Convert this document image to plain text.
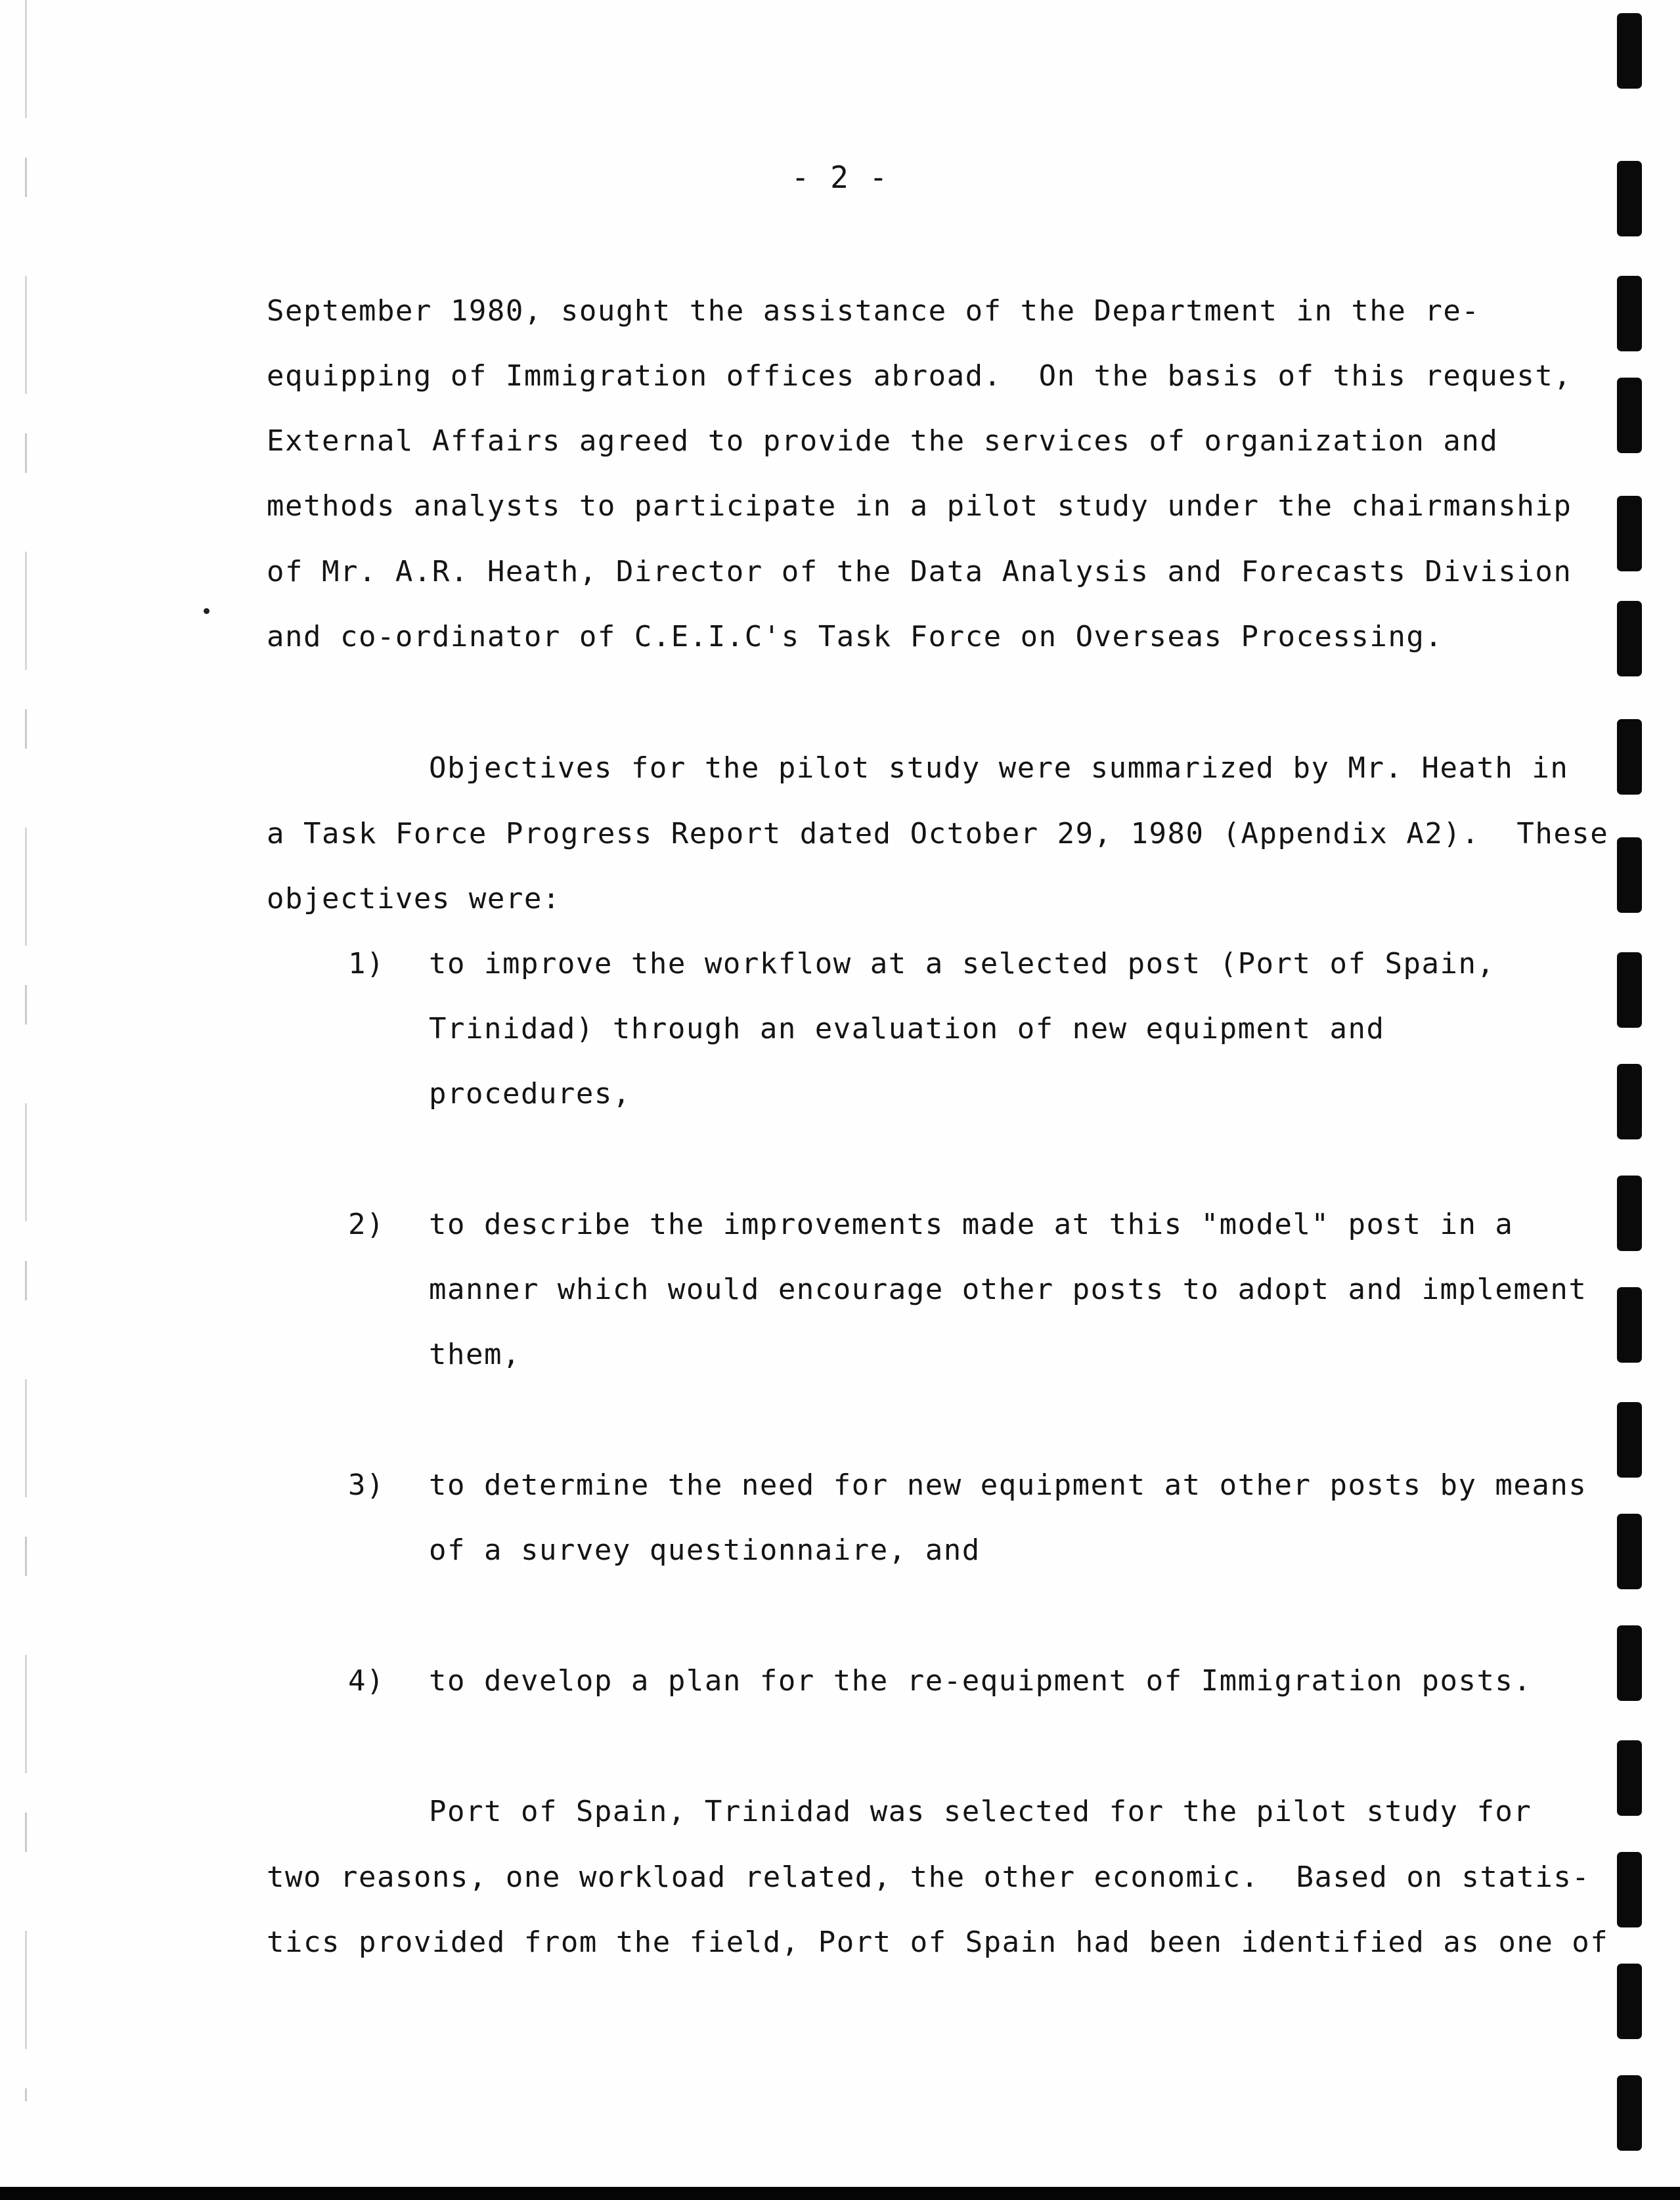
- 2 -
September 1980, sought the assistance of the Department in the re-
equipping of Immigration offices abroad.  On the basis of this request,
External Affairs agreed to provide the services of organization and
methods analysts to participate in a pilot study under the chairmanship
of Mr. A.R. Heath, Director of the Data Analysis and Forecasts Division
and co-ordinator of C.E.I.C's Task Force on Overseas Processing.
Objectives for the pilot study were summarized by Mr. Heath in
a Task Force Progress Report dated October 29, 1980 (Appendix A2).  These
objectives were:
1) to improve the workflow at a selected post (Port of Spain,
Trinidad) through an evaluation of new equipment and
procedures,
2) to describe the improvements made at this "model" post in a
manner which would encourage other posts to adopt and implement
them,
3) to determine the need for new equipment at other posts by means
of a survey questionnaire, and
4) to develop a plan for the re-equipment of Immigration posts.
Port of Spain, Trinidad was selected for the pilot study for
two reasons, one workload related, the other economic.  Based on statis-
tics provided from the field, Port of Spain had been identified as one of
